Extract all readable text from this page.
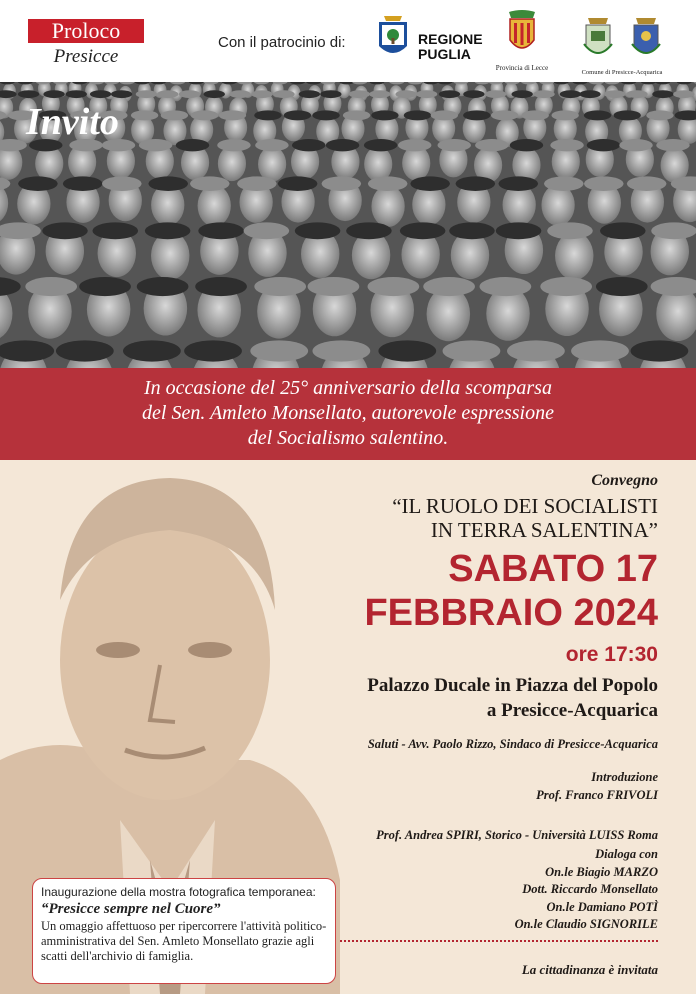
Proloco
Presicce
Con il patrocinio di:	REGIONE
PUGLIA
Provincia di Lecce
Comune di Presicce-Acquarica
Invito
In occasione del 25° anniversario della scomparsa
del Sen. Amleto Monsellato, autorevole espressione
del Socialismo salentino.
Convegno
“IL RUOLO DEI SOCIALISTI
IN TERRA SALENTINA”
SABATO 17
FEBBRAIO 2024
ore 17:30
Palazzo Ducale in Piazza del Popolo
a Presicce-Acquarica
Saluti - Avv. Paolo Rizzo, Sindaco di Presicce-Acquarica
Introduzione
Prof. Franco FRIVOLI
Prof. Andrea SPIRI, Storico - Università LUISS Roma
Dialoga con
On.le Biagio MARZO
Dott. Riccardo Monsellato
On.le Damiano POTÌ
On.le Claudio SIGNORILE
La cittadinanza è invitata
Inaugurazione della mostra fotografica temporanea:
“Presicce sempre nel Cuore”
Un omaggio affettuoso per ripercorrere l'attività politico-amministrativa del Sen. Amleto Monsellato grazie agli scatti dell'archivio di famiglia.
